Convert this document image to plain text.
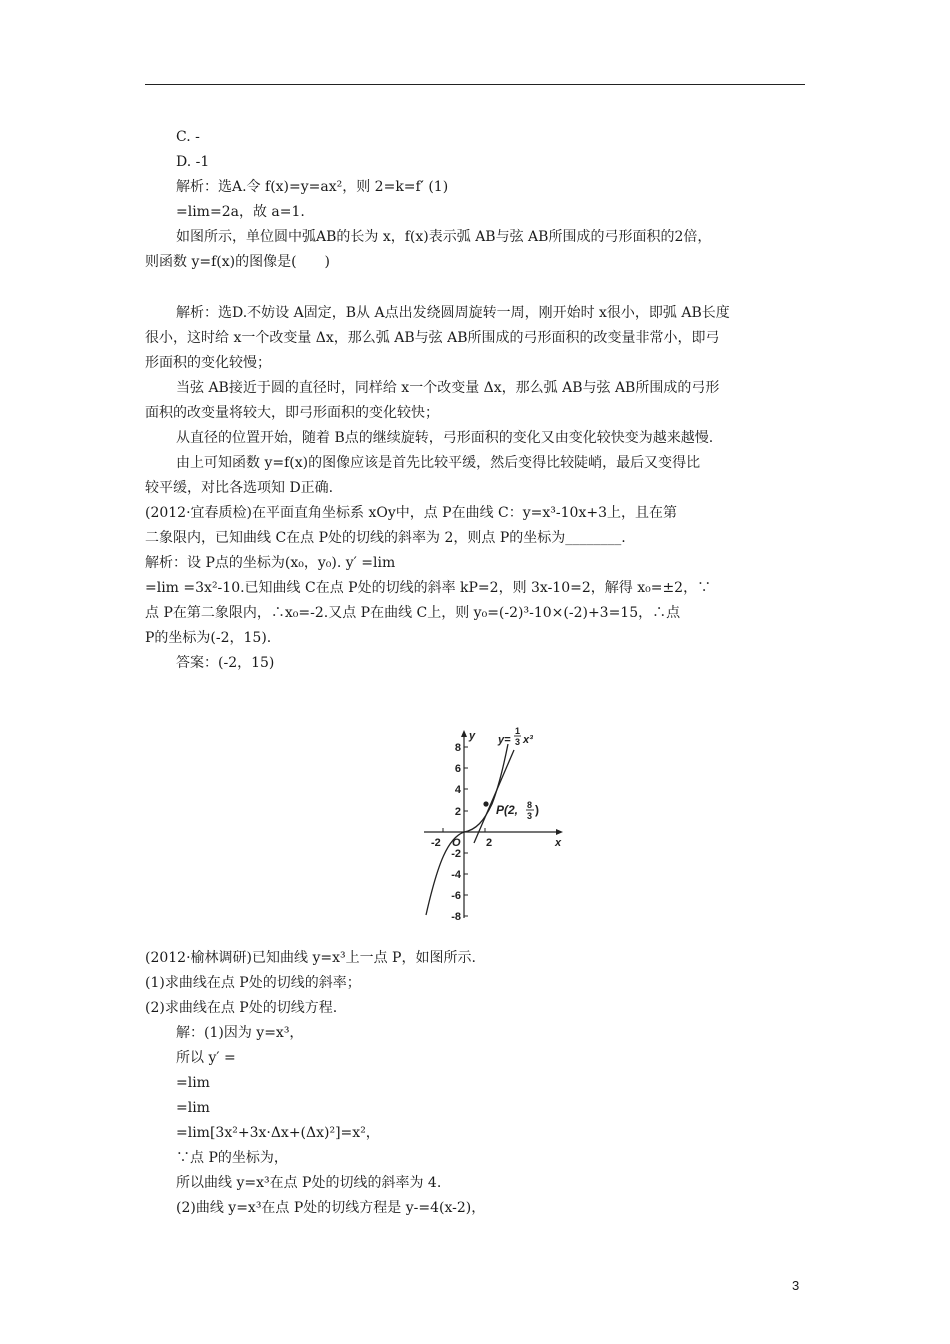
C. -
D. -1
解析：选A.令 f(x)=y=ax²，则 2=k=f′ (1)
=lim=2a，故 a=1.
如图所示，单位圆中弧AB的长为 x，f(x)表示弧 AB与弦 AB所围成的弓形面积的2倍，
则函数 y=f(x)的图像是(　　)
解析：选D.不妨设 A固定，B从 A点出发绕圆周旋转一周，刚开始时 x很小，即弧 AB长度
很小，这时给 x一个改变量 Δx，那么弧 AB与弦 AB所围成的弓形面积的改变量非常小，即弓
形面积的变化较慢；
当弦 AB接近于圆的直径时，同样给 x一个改变量 Δx，那么弧 AB与弦 AB所围成的弓形
面积的改变量将较大，即弓形面积的变化较快；
从直径的位置开始，随着 B点的继续旋转，弓形面积的变化又由变化较快变为越来越慢.
由上可知函数 y=f(x)的图像应该是首先比较平缓，然后变得比较陡峭，最后又变得比
较平缓，对比各选项知 D正确.
(2012·宜春质检)在平面直角坐标系 xOy中，点 P在曲线 C：y=x³-10x+3上，且在第
二象限内，已知曲线 C在点 P处的切线的斜率为 2，则点 P的坐标为________.
解析：设 P点的坐标为(x₀，y₀). y′ =lim
=lim =3x²-10.已知曲线 C在点 P处的切线的斜率 kP=2，则 3x-10=2，解得 x₀=±2，∵
点 P在第二象限内，∴x₀=-2.又点 P在曲线 C上，则 y₀=(-2)³-10×(-2)+3=15，∴点
P的坐标为(-2，15).
答案：(-2，15)
8
6
4
2
-2
-4
-6
-8
-2	2
O	x
y
P(2, 8
3 )
y=
1
3 x³
(2012·榆林调研)已知曲线 y=x³上一点 P，如图所示.
(1)求曲线在点 P处的切线的斜率；
(2)求曲线在点 P处的切线方程.
解：(1)因为 y=x³，
所以 y′ =
=lim
=lim
=lim[3x²+3x·Δx+(Δx)²]=x²，
∵点 P的坐标为，
所以曲线 y=x³在点 P处的切线的斜率为 4.
(2)曲线 y=x³在点 P处的切线方程是 y-=4(x-2)，
3
